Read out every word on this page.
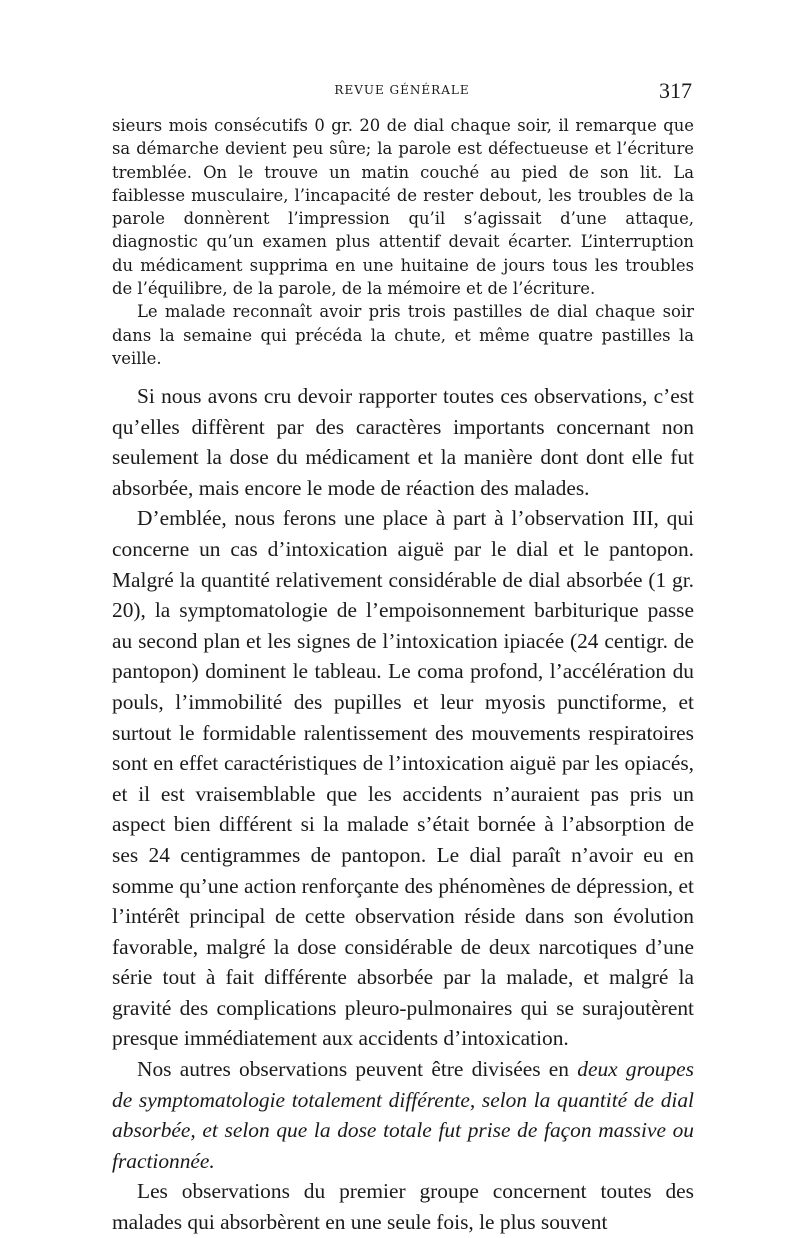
REVUE GÉNÉRALE	317

sieurs mois consécutifs 0 gr. 20 de dial chaque soir, il remarque que sa démarche devient peu sûre; la parole est défectueuse et l’écriture tremblée. On le trouve un matin couché au pied de son lit. La faiblesse musculaire, l’incapacité de rester debout, les troubles de la parole donnèrent l’impression qu’il s’agissait d’une attaque, diagnostic qu’un examen plus attentif devait écarter. L’interruption du médicament supprima en une huitaine de jours tous les troubles de l’équilibre, de la parole, de la mémoire et de l’écriture.

Le malade reconnaît avoir pris trois pastilles de dial chaque soir dans la semaine qui précéda la chute, et même quatre pastilles la veille.

Si nous avons cru devoir rapporter toutes ces observations, c’est qu’elles diffèrent par des caractères importants concernant non seulement la dose du médicament et la manière dont dont elle fut absorbée, mais encore le mode de réaction des malades.

D’emblée, nous ferons une place à part à l’observation III, qui concerne un cas d’intoxication aiguë par le dial et le pantopon. Malgré la quantité relativement considérable de dial absorbée (1 gr. 20), la symptomatologie de l’empoisonnement barbiturique passe au second plan et les signes de l’intoxication ipiacée (24 centigr. de pantopon) dominent le tableau. Le coma profond, l’accélération du pouls, l’immobilité des pupilles et leur myosis punctiforme, et surtout le formidable ralentissement des mouvements respiratoires sont en effet caractéristiques de l’intoxication aiguë par les opiacés, et il est vraisemblable que les accidents n’auraient pas pris un aspect bien différent si la malade s’était bornée à l’absorption de ses 24 centigrammes de pantopon. Le dial paraît n’avoir eu en somme qu’une action renforçante des phénomènes de dépression, et l’intérêt principal de cette observation réside dans son évolution favorable, malgré la dose considérable de deux narcotiques d’une série tout à fait différente absorbée par la malade, et malgré la gravité des complications pleuro-pulmonaires qui se surajoutèrent presque immédiatement aux accidents d’intoxication.

Nos autres observations peuvent être divisées en deux groupes de symptomatologie totalement différente, selon la quantité de dial absorbée, et selon que la dose totale fut prise de façon massive ou fractionnée.

Les observations du premier groupe concernent toutes des malades qui absorbèrent en une seule fois, le plus souvent
